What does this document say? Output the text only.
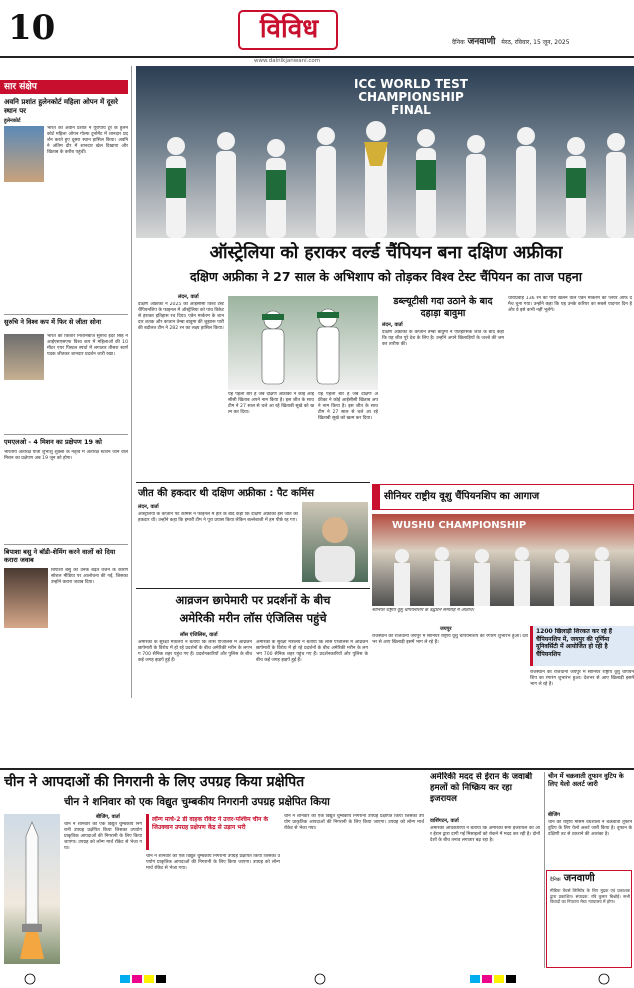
10	विविध	दैनिक जनवाणी मेरठ, रविवार, 15 जून, 2025
www.dainikjanwani.com
सार संक्षेप
अवनि प्रशांत हुलेनकोर्ट महिला ओपन में दूसरे स्थान पर
हुलेनकोर्ट
भारत की अवनि प्रशांत ने यूरोपीय टूर के हुलेनकोर्ट महिला ओपन गोल्फ टूर्नामेंट में शानदार प्रदर्शन करते हुए दूसरा स्थान हासिल किया। अवनि ने अंतिम दौर में शानदार खेल दिखाया और खिताब के करीब पहुंचीं।
सुरुचि ने विश्व कप में फिर से जीता सोना
भारत की किशोर निशानेबाज सुरुचि इंदर सिंह ने आईएसएसएफ विश्व कप में महिलाओं की 10 मीटर एयर पिस्टल स्पर्धा में लगातार तीसरा स्वर्ण पदक जीतकर शानदार प्रदर्शन जारी रखा।
एमएलओ - 4 मिशन का प्रक्षेपण 19 को
भारतीय अंतरिक्ष यात्री शुभांशु शुक्ला के नेतृत्व में अंतरिक्ष स्टेशन जाने वाले मिशन का प्रक्षेपण अब 19 जून को होगा।
बिपाशा बसु ने बॉडी-शेमिंग करने वालों को दिया करारा जवाब
बिपाशा बसु की उनके बढ़ते वजन के कारण सोशल मीडिया पर आलोचना की गई, जिसका उन्होंने करारा जवाब दिया।
ICC WORLD TEST
CHAMPIONSHIP
FINAL
ऑस्ट्रेलिया को हराकर वर्ल्ड चैंपियन बना दक्षिण अफ्रीका
दक्षिण अफ्रीका ने 27 साल के अभिशाप को तोड़कर विश्व टेस्ट चैंपियन का ताज पहना
लंदन, वार्ता
दक्षिण अफ्रीका ने 2025 की आईसीसी विश्व टेस्ट चैंपियनशिप के फाइनल में ऑस्ट्रेलिया को पांच विकेट से हराकर इतिहास रच दिया। एडेन मार्करम के शानदार शतक और कप्तान तेम्बा बावुमा की जुझारू पारी की बदौलत टीम ने 282 रन का लक्ष्य हासिल किया।
यह पहली बार है जब दक्षिण अफ्रीका ने कोई आईसीसी खिताब अपने नाम किया है। इस जीत के साथ टीम ने 27 साल से चले आ रहे खिताबी सूखे को खत्म कर दिया।
यह पहली बार है जब दक्षिण अफ्रीका ने कोई आईसीसी खिताब अपने नाम किया है। इस जीत के साथ टीम ने 27 साल से चले आ रहे खिताबी सूखे को खत्म कर दिया।
डब्ल्यूटीसी गदा उठाने के बाद दहाड़ा बावुमा
लंदन, वार्ता
दक्षिण अफ्रीका के कप्तान तेम्बा बावुमा ने ऐतिहासिक जीत के बाद कहा कि यह जीत पूरे देश के लिए है। उन्होंने अपने खिलाड़ियों के जज्बे की जमकर तारीफ की।
धाराप्रवाह 136 रन की पारी खेलने वाले एडेन मार्करम को प्लेयर ऑफ द मैच चुना गया। उन्होंने कहा कि यह उनके करियर का सबसे यादगार दिन है और वे इसे कभी नहीं भूलेंगे।
जीत की हकदार थी दक्षिण अफ्रीका : पैट कमिंस
लंदन, वार्ता
ऑस्ट्रेलिया के कप्तान पैट कमिंस ने फाइनल में हार के बाद कहा कि दक्षिण अफ्रीका इस जीत की हकदार थी। उन्होंने कहा कि हमारी टीम ने पूरा प्रयास किया लेकिन बल्लेबाजी में हम पीछे रह गए।
सीनियर राष्ट्रीय वूशु चैंपियनशिप का आगाज
WUSHU CHAMPIONSHIP
सीनियर राष्ट्रीय वूशु चैंपियनशिप के उद्घाटन समारोह में अतिथि।
जयपुर
राजस्थान की राजधानी जयपुर में सीनियर राष्ट्रीय वूशु चैंपियनशिप का रंगारंग शुभारंभ हुआ। देशभर से आए खिलाड़ी इसमें भाग ले रहे हैं।
1200 खिलाड़ी शिरकत कर रहे हैं चैंपियनशिप में, जयपुर की पूर्णिमा यूनिवर्सिटी में आयोजित हो रही है चैंपियनशिप
राजस्थान की राजधानी जयपुर में सीनियर राष्ट्रीय वूशु चैंपियनशिप का रंगारंग शुभारंभ हुआ। देशभर से आए खिलाड़ी इसमें भाग ले रहे हैं।
आव्रजन छापेमारी पर प्रदर्शनों के बीच
अमेरिकी मरीन लॉस एंजिलिस पहुंचे
लॉस एंजिलिस, वार्ता
अमेरिका के सुरक्षा मंत्रालय ने बताया कि लॉस एंजिलिस में आव्रजन छापेमारी के विरोध में हो रहे प्रदर्शनों के बीच अमेरिकी मरीन के लगभग 700 सैनिक शहर पहुंच गए हैं। प्रदर्शनकारियों और पुलिस के बीच कई जगह झड़पें हुई हैं।
अमेरिका के सुरक्षा मंत्रालय ने बताया कि लॉस एंजिलिस में आव्रजन छापेमारी के विरोध में हो रहे प्रदर्शनों के बीच अमेरिकी मरीन के लगभग 700 सैनिक शहर पहुंच गए हैं। प्रदर्शनकारियों और पुलिस के बीच कई जगह झड़पें हुई हैं।
चीन ने आपदाओं की निगरानी के लिए उपग्रह किया प्रक्षेपित
चीन ने शनिवार को एक विद्युत चुम्बकीय निगरानी उपग्रह प्रक्षेपित किया
बीजिंग, वार्ता
चीन ने शनिवार को एक विद्युत चुम्बकीय निगरानी उपग्रह प्रक्षेपित किया जिसका उपयोग प्राकृतिक आपदाओं की निगरानी के लिए किया जाएगा। उपग्रह को लॉन्ग मार्च रॉकेट से भेजा गया।
लॉन्ग मार्च-2 डी वाहक रॉकेट ने उत्तर-पश्चिम चीन के जिउक्वान उपग्रह प्रक्षेपण केंद्र से उड़ान भरी
चीन ने शनिवार को एक विद्युत चुम्बकीय निगरानी उपग्रह प्रक्षेपित किया जिसका उपयोग प्राकृतिक आपदाओं की निगरानी के लिए किया जाएगा। उपग्रह को लॉन्ग मार्च रॉकेट से भेजा गया।
चीन ने शनिवार को एक विद्युत चुम्बकीय निगरानी उपग्रह प्रक्षेपित किया जिसका उपयोग प्राकृतिक आपदाओं की निगरानी के लिए किया जाएगा। उपग्रह को लॉन्ग मार्च रॉकेट से भेजा गया।
अमेरिकी मदद से ईरान के जवाबी हमलों को निष्क्रिय कर रहा इजरायल
वाशिंगटन, वार्ता
अमेरिकी अधिकारियों ने बताया कि अमेरिकी सेना इजरायल की ओर ईरान द्वारा दागी गई मिसाइलों को रोकने में मदद कर रही है। दोनों देशों के बीच तनाव लगातार बढ़ रहा है।
चीन में चक्रवाती तूफान वुटिप के लिए येलो अलर्ट जारी
बीजिंग
चीन की राष्ट्रीय मौसम वेधशाला ने चक्रवाती तूफान वुटिप के लिए येलो अलर्ट जारी किया है। तूफान के दक्षिणी तट से टकराने की आशंका है।
दैनिक जनवाणी
मीडिया वेंचर्स लिमिटेड के लिए मुद्रक एवं प्रकाशक द्वारा प्रकाशित। संपादक: रवि कुमार बिश्नोई। सभी विवादों का निपटारा मेरठ न्यायालय में होगा।
